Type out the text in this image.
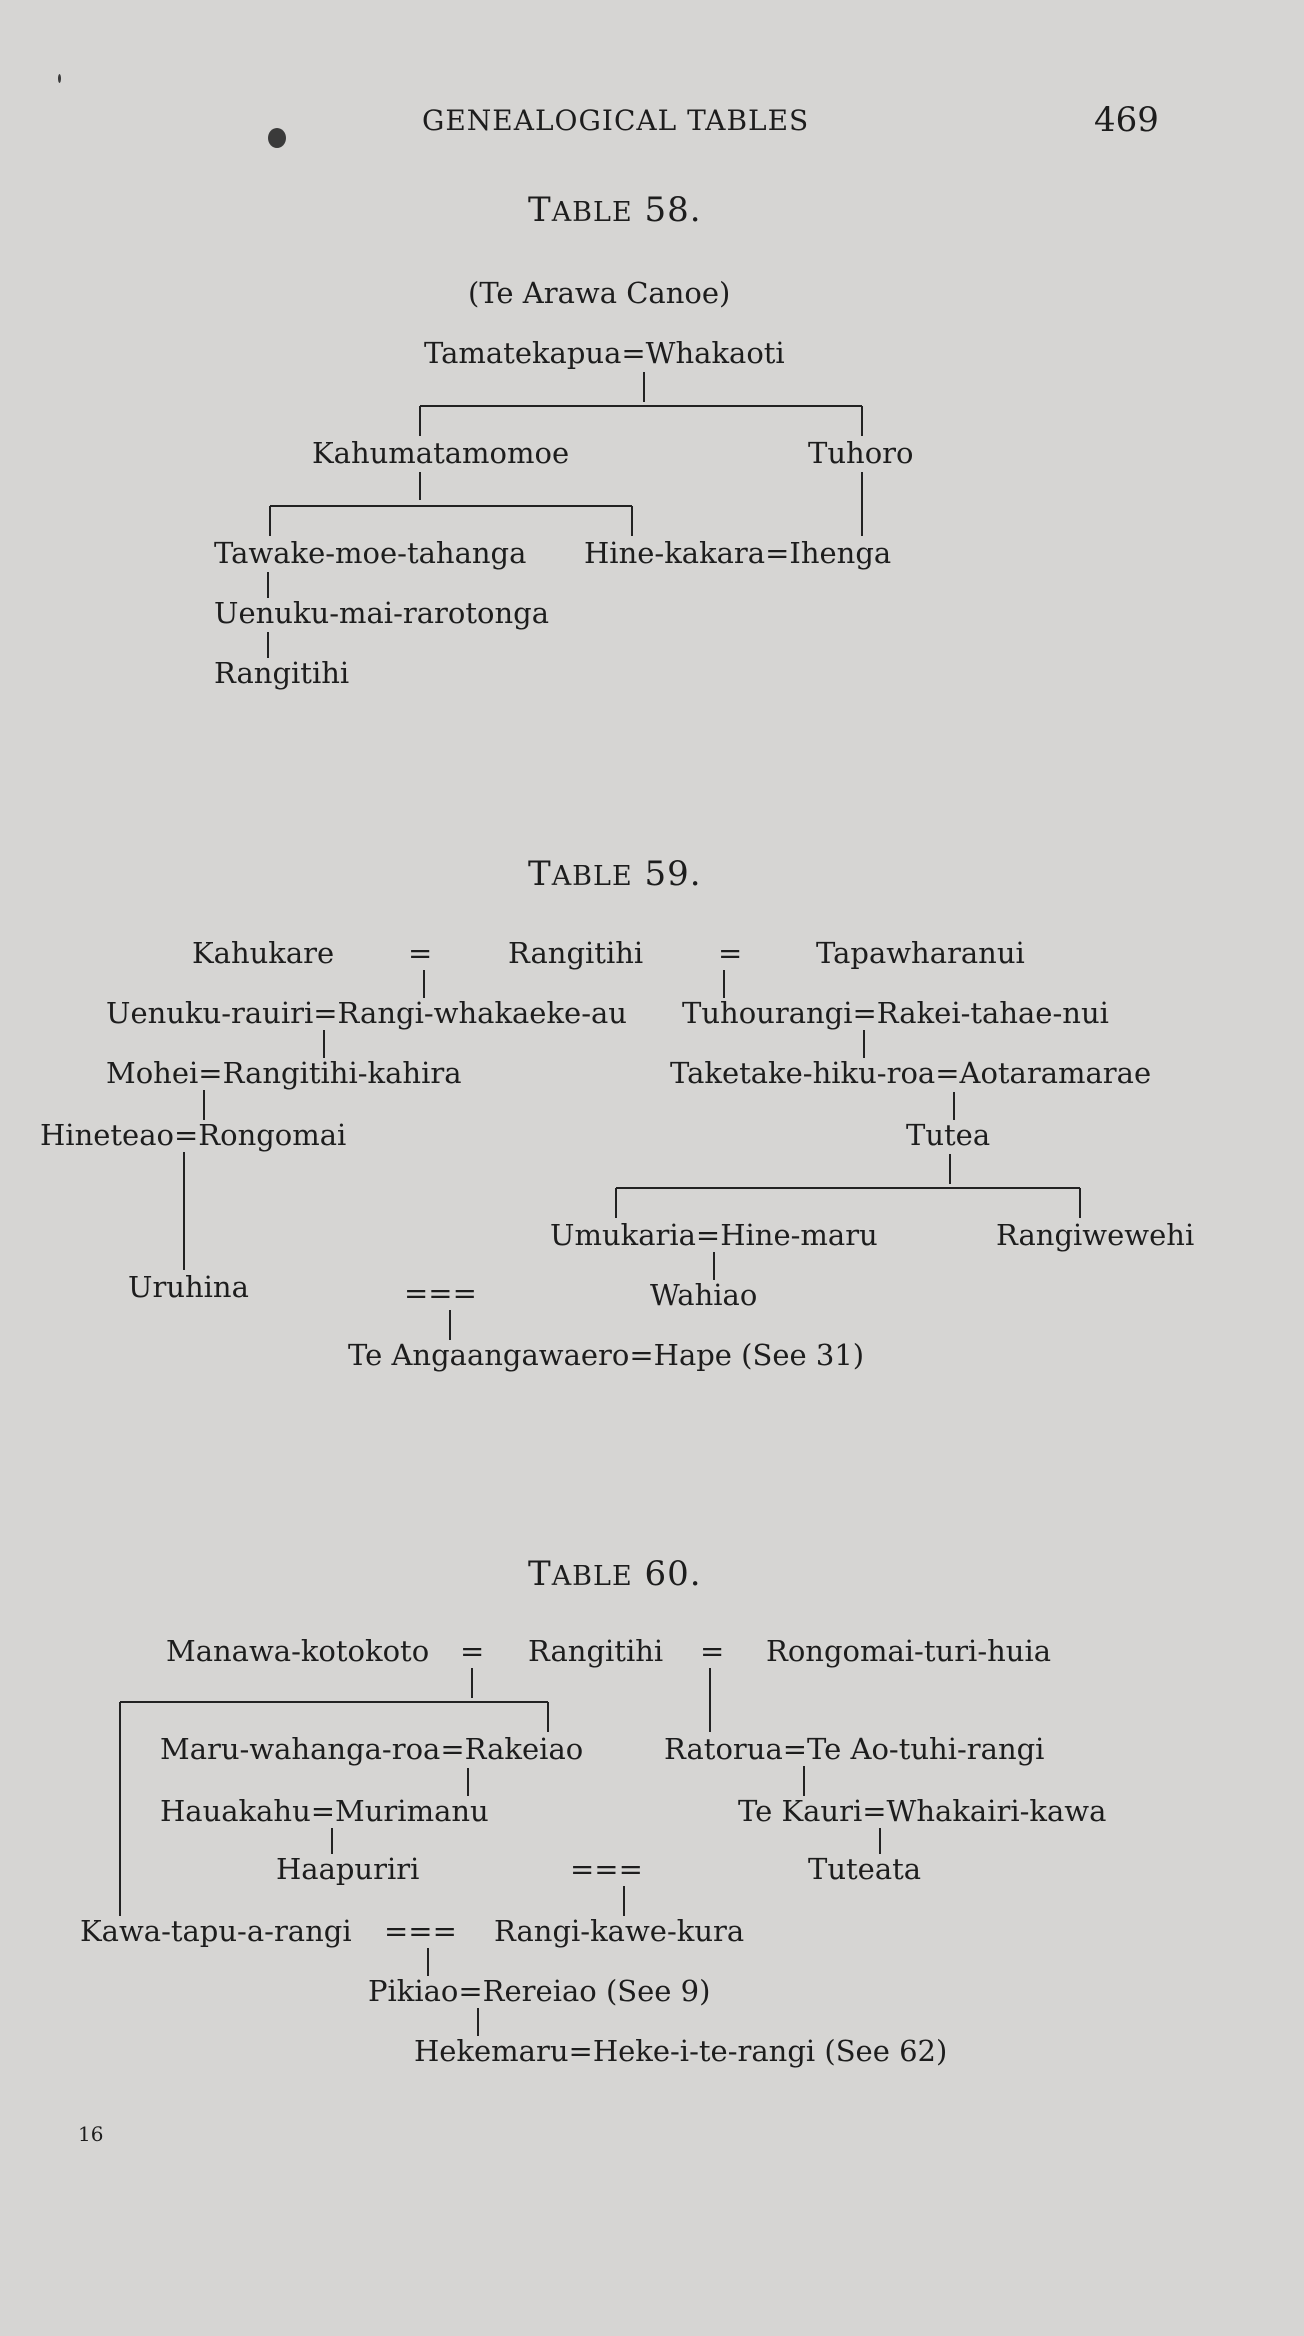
GENEALOGICAL TABLES	469
TABLE 58.
(Te Arawa Canoe)
Tamatekapua=Whakaoti
Kahumatamomoe	Tuhoro
Tawake-moe-tahanga Hine-kakara=Ihenga
Uenuku-mai-rarotonga
Rangitihi
TABLE 59.
Kahukare	=	Rangitihi	=	Tapawharanui
Uenuku-rauiri=Rangi-whakaeke-au Tuhourangi=Rakei-tahae-nui
Mohei=Rangitihi-kahira	Taketake-hiku-roa=Aotaramarae
Hineteao=Rongomai	Tutea
Umukaria=Hine-maru	Rangiwewehi
Uruhina	===	Wahiao
Te Angaangawaero=Hape (See 31)
TABLE 60.
Manawa-kotokoto = Rangitihi = Rongomai-turi-huia
Maru-wahanga-roa=Rakeiao	Ratorua=Te Ao-tuhi-rangi
Hauakahu=Murimanu	Te Kauri=Whakairi-kawa
Haapuriri	===	Tuteata
Kawa-tapu-a-rangi === Rangi-kawe-kura
Pikiao=Rereiao (See 9)
Hekemaru=Heke-i-te-rangi (See 62)
16
